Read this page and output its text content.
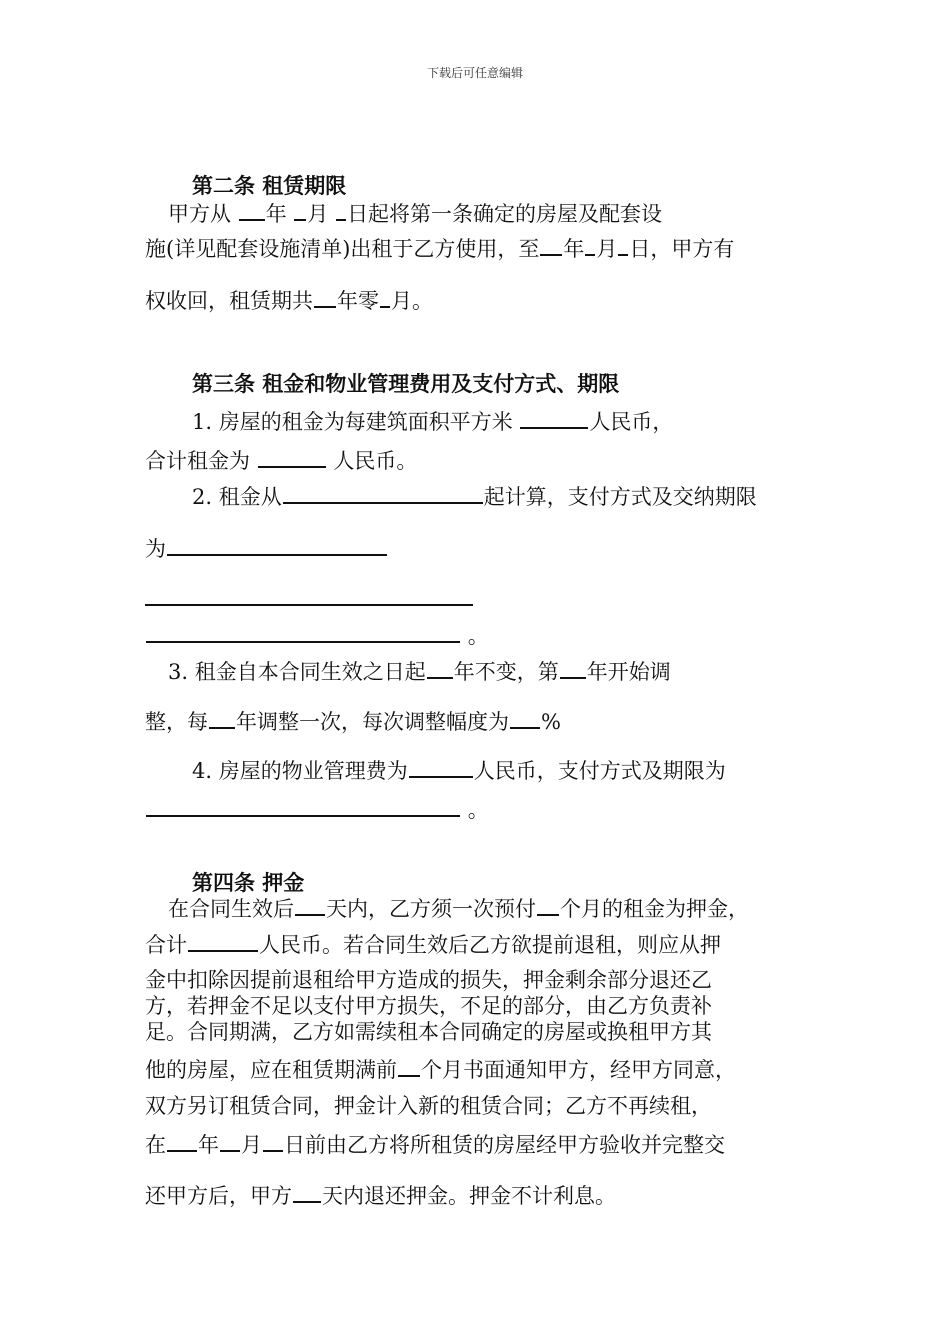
下载后可任意编辑
第二条 租赁期限
甲方从 年 月 日起将第一条确定的房屋及配套设
施(详见配套设施清单)出租于乙方使用，至 年 月 日，甲方有
权收回，租赁期共 年零 月。
第三条 租金和物业管理费用及支付方式、期限
1. 房屋的租金为每建筑面积平方米	人民币，
合计租金为	人民币。
2. 租金从	起计算，支付方式及交纳期限
为
。
3. 租金自本合同生效之日起 年不变，第 年开始调
整，每 年调整一次，每次调整幅度为 %
4. 房屋的物业管理费为	人民币，支付方式及期限为
。
第四条 押金
在合同生效后 天内，乙方须一次预付 个月的租金为押金，
合计	人民币。若合同生效后乙方欲提前退租，则应从押
金中扣除因提前退租给甲方造成的损失，押金剩余部分退还乙
方，若押金不足以支付甲方损失，不足的部分，由乙方负责补
足。合同期满，乙方如需续租本合同确定的房屋或换租甲方其
他的房屋，应在租赁期满前 个月书面通知甲方，经甲方同意，
双方另订租赁合同，押金计入新的租赁合同；乙方不再续租，
在 年 月 日前由乙方将所租赁的房屋经甲方验收并完整交
还甲方后，甲方 天内退还押金。押金不计利息。
